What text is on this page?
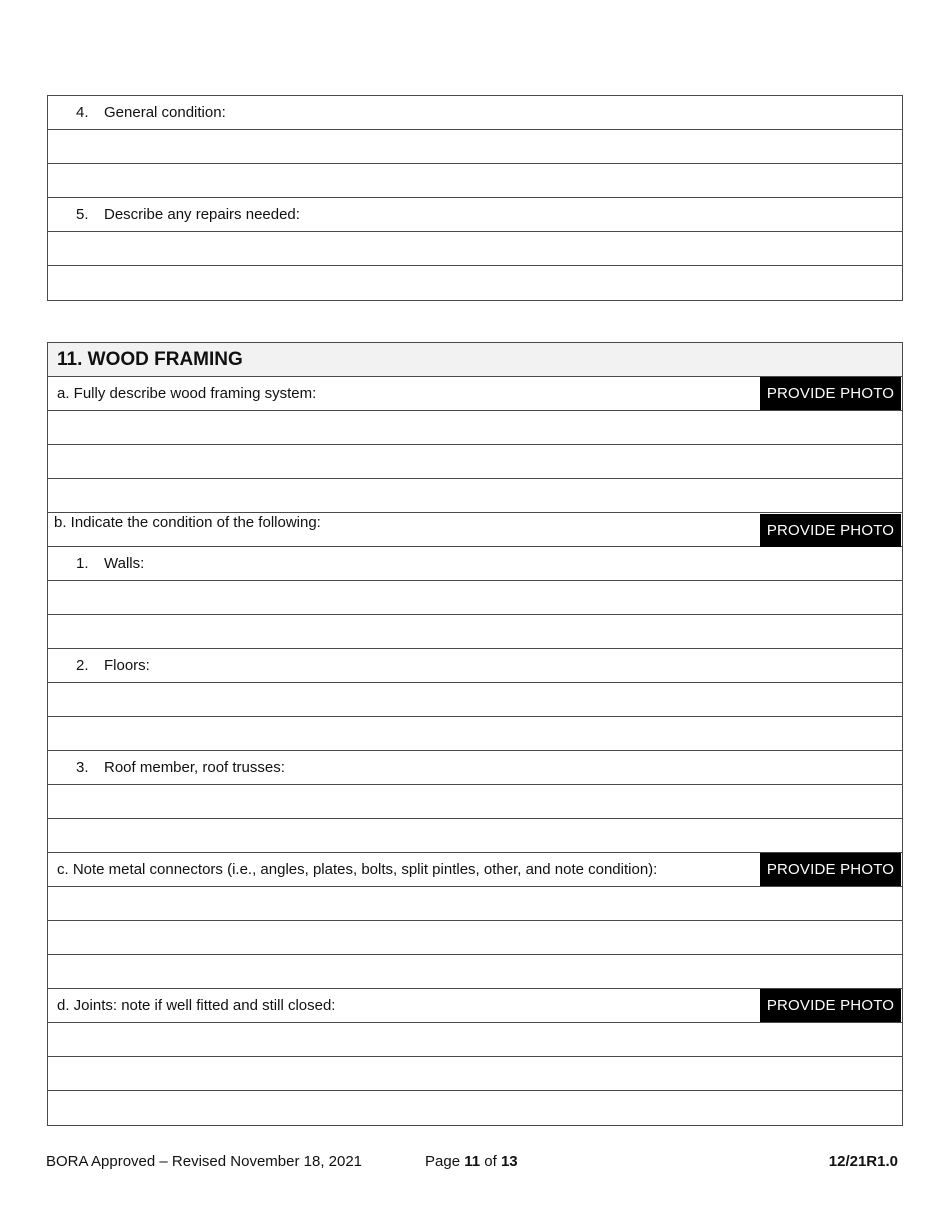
4. General condition:
5. Describe any repairs needed:
11. WOOD FRAMING
a. Fully describe wood framing system:	PROVIDE PHOTO
b. Indicate the condition of the following:	PROVIDE PHOTO
1. Walls:
2. Floors:
3. Roof member, roof trusses:
c. Note metal connectors (i.e., angles, plates, bolts, split pintles, other, and note condition):	PROVIDE PHOTO
d. Joints: note if well fitted and still closed:	PROVIDE PHOTO
BORA Approved – Revised November 18, 2021	Page 11 of 13	12/21R1.0
